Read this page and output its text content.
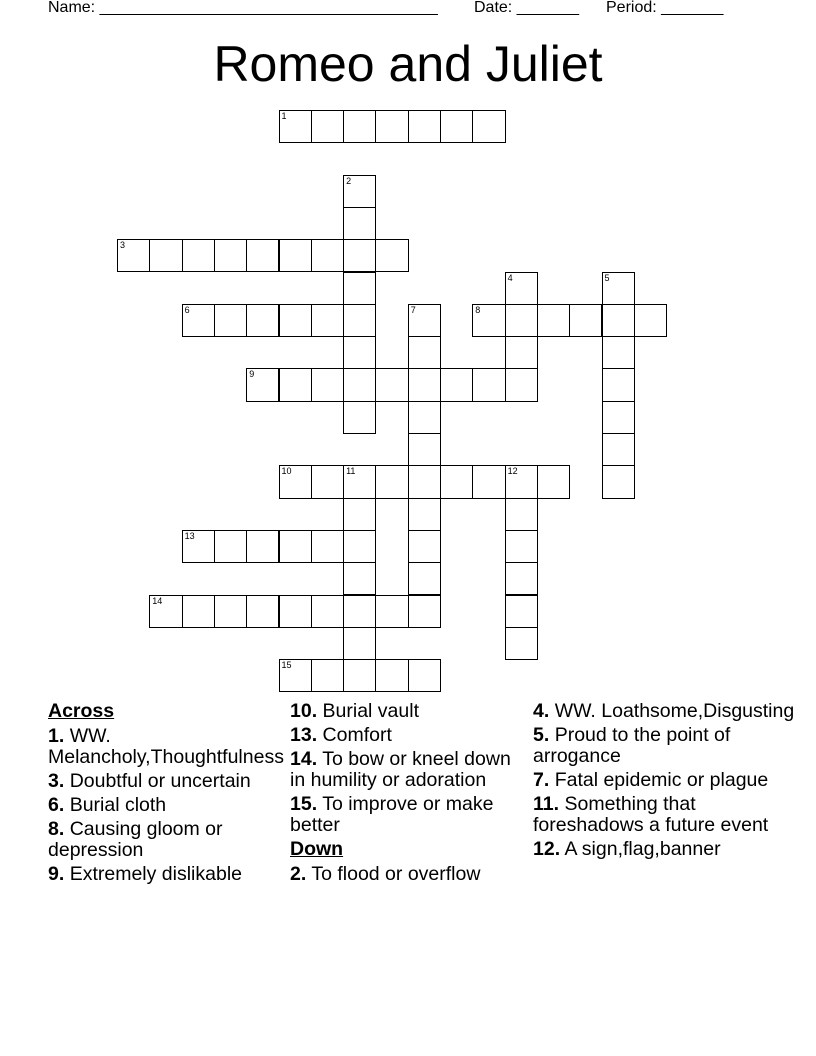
Name: ______________________________________ Date: _______ Period: _______
Romeo and Juliet
1
2
3
4	5
6	7	8
9
10	11	12
13
14
15
Across
1. WW.
Melancholy,Thoughtfulness
3. Doubtful or uncertain
6. Burial cloth
8. Causing gloom or depression
9. Extremely dislikable
10. Burial vault
13. Comfort
14. To bow or kneel down in humility or adoration
15. To improve or make better
Down
2. To flood or overflow
4. WW. Loathsome,Disgusting
5. Proud to the point of arrogance
7. Fatal epidemic or plague
11. Something that foreshadows a future event
12. A sign,flag,banner
